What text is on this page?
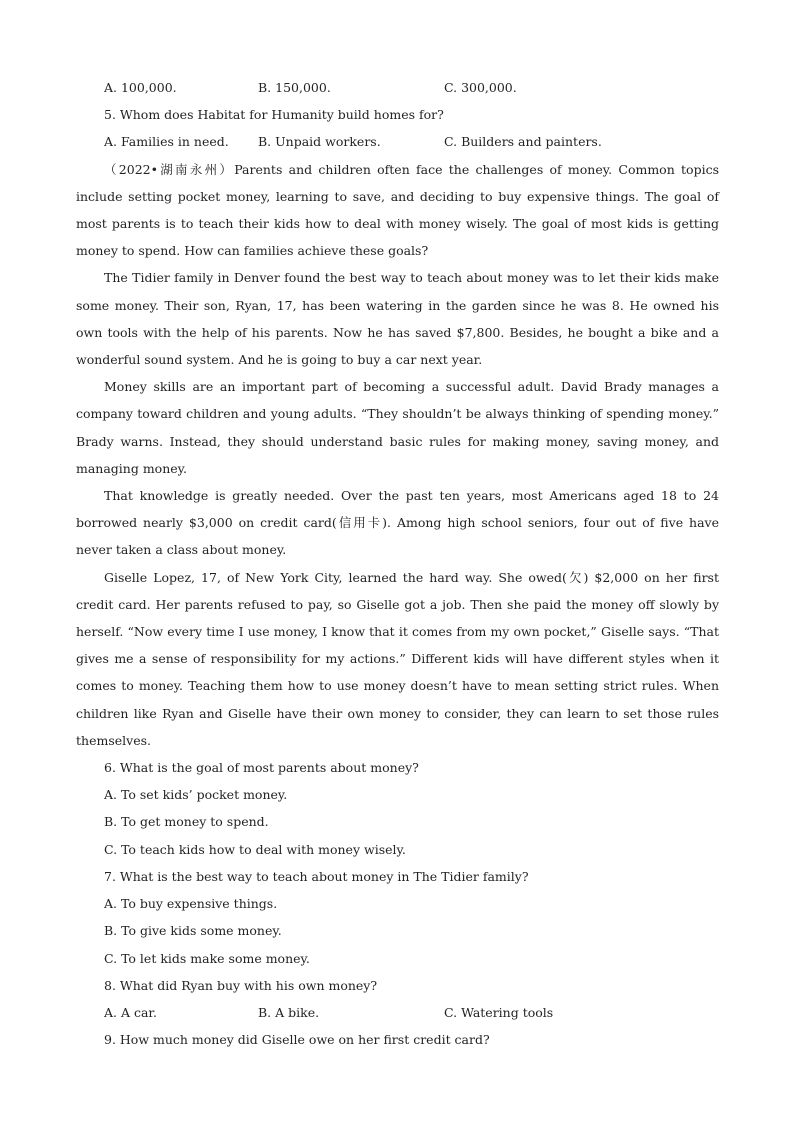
A. 100,000.	B. 150,000.	C. 300,000.

5. Whom does Habitat for Humanity build homes for?

A. Families in need.	B. Unpaid workers.	C. Builders and painters.

（2022•湖南永州）Parents and children often face the challenges of money. Common topics include setting pocket money, learning to save, and deciding to buy expensive things. The goal of most parents is to teach their kids how to deal with money wisely. The goal of most kids is getting money to spend. How can families achieve these goals?

The Tidier family in Denver found the best way to teach about money was to let their kids make some money. Their son, Ryan, 17, has been watering in the garden since he was 8. He owned his own tools with the help of his parents. Now he has saved $7,800. Besides, he bought a bike and a wonderful sound system. And he is going to buy a car next year.

Money skills are an important part of becoming a successful adult. David Brady manages a company toward children and young adults. “They shouldn’t be always thinking of spending money.” Brady warns. Instead, they should understand basic rules for making money, saving money, and managing money.

That knowledge is greatly needed. Over the past ten years, most Americans aged 18 to 24 borrowed nearly $3,000 on credit card(信用卡). Among high school seniors, four out of five have never taken a class about money.

Giselle Lopez, 17, of New York City, learned the hard way. She owed(欠) $2,000 on her first credit card. Her parents refused to pay, so Giselle got a job. Then she paid the money off slowly by herself. “Now every time I use money, I know that it comes from my own pocket,” Giselle says. “That gives me a sense of responsibility for my actions.” Different kids will have different styles when it comes to money. Teaching them how to use money doesn’t have to mean setting strict rules. When children like Ryan and Giselle have their own money to consider, they can learn to set those rules themselves.

6. What is the goal of most parents about money?

A. To set kids’ pocket money.

B. To get money to spend.

C. To teach kids how to deal with money wisely.

7. What is the best way to teach about money in The Tidier family?

A. To buy expensive things.

B. To give kids some money.

C. To let kids make some money.

8. What did Ryan buy with his own money?

A. A car.	B. A bike.	C. Watering tools

9. How much money did Giselle owe on her first credit card?
